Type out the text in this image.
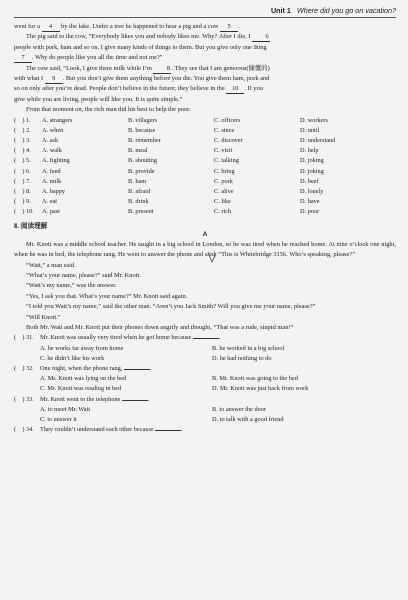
Unit 1 Where did you go on vacation?

went for a 4 by the lake. Under a tree he happened to hear a pig and a cow 5 .

The pig said to the cow, “Everybody likes you and nobody likes me. Why? After I die, I 6

people with pork, ham and so on. I give many kinds of things to them. But you give only one thing

7 . Why do people like you all the time and not me?”

The cow said, “Look, I give them milk while I’m 8. They see that I am generous(慷慨的)

with what I 9 . But you don’t give them anything before you die. You give them ham, pork and

so on only after you’re dead. People don’t believe in the future; they believe in the 10 . If you

give while you are living, people will like you. It is quite simple.”

From that moment on, the rich man did his best to help the poor.

( ) 1.	A. strangers	B. villagers	C. officers	D. workers
( ) 2.	A. when	B. because	C. since	D. until
( ) 3.	A. ask	B. remember	C. discover	D. understand
( ) 4.	A. walk	B. meal	C. visit	D. help
( ) 5.	A. fighting	B. shouting	C. talking	D. joking
( ) 6.	A. feed	B. provide	C. bring	D. joking
( ) 7.	A. milk	B. ham	C. pork	D. beef
( ) 8.	A. happy	B. afraid	C. alive	D. lonely
( ) 9.	A. eat	B. drink	C. like	D. have
( ) 10.	A. past	B. present	C. rich	D. poor
Ⅱ. 阅读理解
A

Mr. Knott was a middle school teacher. He taught in a big school in London, so he was tired when he reached home. At nine o’clock one night, when he was in bed, the telephone rang. He went to answer the phone and said, “This is Whitebridge 3156. Who’s speaking, please?”

“Watt,” a man said.

“What’s your name, please?” said Mr. Knott.

“Watt’s my name,” was the answer.

“Yes, I ask you that. What’s your name?” Mr. Knott said again.

“I told you Watt’s my name,” said the other man. “Aren’t you Jack Smith? Will you give me your name, please?”

“Will Knott.”

Both Mr. Watt and Mr. Knott put their phones down angrily and thought, “That was a rude, stupid man!”

( ) 31. Mr. Knott was usually very tired when he got home because	.
A. he works far away from home	B. he worked in a big school
C. he didn’t like his work	D. he had nothing to do
( ) 32. One night, when the phone rang,	.
A. Mr. Knott was lying on the bed	B. Mr. Knott was going to the bed
C. Mr. Knott was reading in bed	D. Mr. Knott was just back from work
( ) 33. Mr. Knott went to the telephone	.
A. to meet Mr. Watt	B. to answer the door
C. to answer it	D. to talk with a good friend
( ) 34. They couldn’t understand each other because	.
